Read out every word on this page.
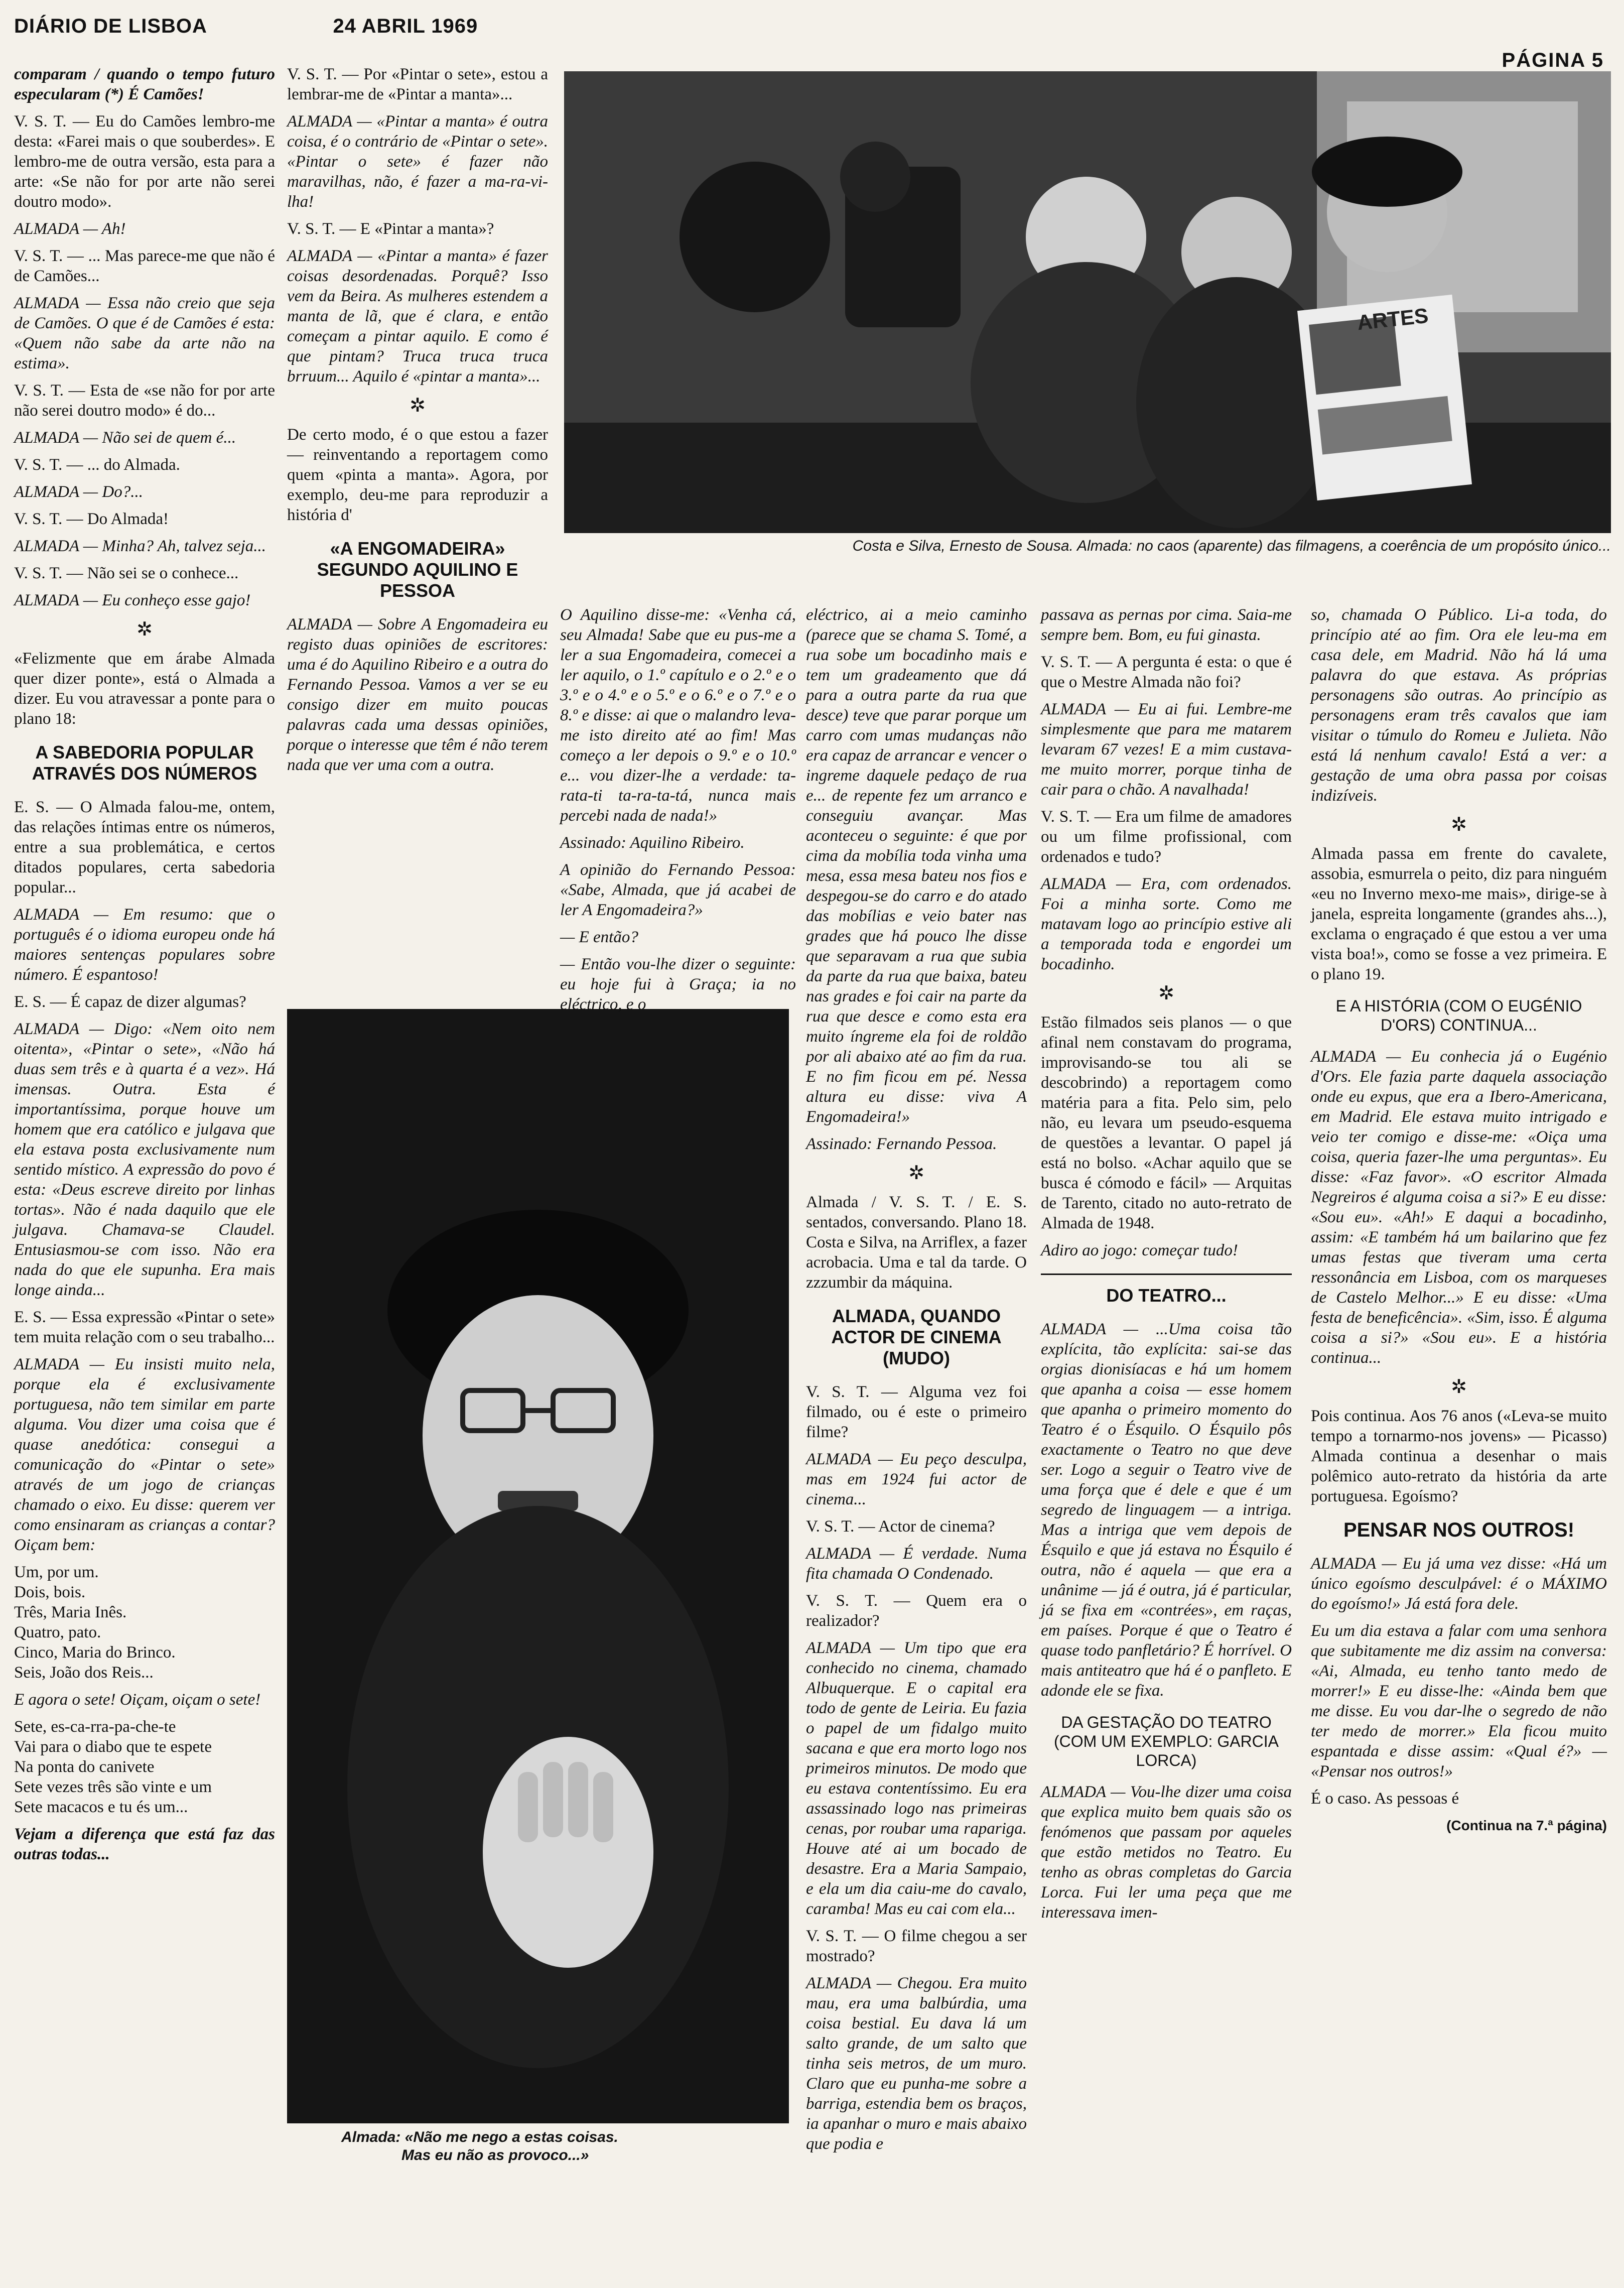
DIÁRIO DE LISBOA	24 ABRIL 1969
PÁGINA 5
ARTES
Costa e Silva, Ernesto de Sousa. Almada: no caos (aparente) das filmagens, a coerência de um propósito único...
Almada: «Não me nego a estas coisas.
Mas eu não as provoco...»

comparam / quando o tempo futuro especularam (*) É Camões!

V. S. T. — Eu do Camões lembro-me desta: «Farei mais o que souberdes». E lembro-me de outra versão, esta para a arte: «Se não for por arte não serei doutro modo».

ALMADA — Ah!

V. S. T. — ... Mas parece-me que não é de Camões...

ALMADA — Essa não creio que seja de Camões. O que é de Camões é esta: «Quem não sabe da arte não na estima».

V. S. T. — Esta de «se não for por arte não serei doutro modo» é do...

ALMADA — Não sei de quem é...

V. S. T. — ... do Almada.

ALMADA — Do?...

V. S. T. — Do Almada!

ALMADA — Minha? Ah, talvez seja...

V. S. T. — Não sei se o conhece...

ALMADA — Eu conheço esse gajo!

✲

«Felizmente que em árabe Almada quer dizer ponte», está o Almada a dizer. Eu vou atravessar a ponte para o plano 18:

A SABEDORIA POPULAR ATRAVÉS DOS NÚMEROS

E. S. — O Almada falou-me, ontem, das relações íntimas entre os números, entre a sua problemática, e certos ditados populares, certa sabedoria popular...

ALMADA — Em resumo: que o português é o idioma europeu onde há maiores sentenças populares sobre número. É espantoso!

E. S. — É capaz de dizer algumas?

ALMADA — Digo: «Nem oito nem oitenta», «Pintar o sete», «Não há duas sem três e à quarta é a vez». Há imensas. Outra. Esta é importantíssima, porque houve um homem que era católico e julgava que ela estava posta exclusivamente num sentido místico. A expressão do povo é esta: «Deus escreve direito por linhas tortas». Não é nada daquilo que ele julgava. Chamava-se Claudel. Entusiasmou-se com isso. Não era nada do que ele supunha. Era mais longe ainda...

E. S. — Essa expressão «Pintar o sete» tem muita relação com o seu trabalho...

ALMADA — Eu insisti muito nela, porque ela é exclusivamente portuguesa, não tem similar em parte alguma. Vou dizer uma coisa que é quase anedótica: consegui a comunicação do «Pintar o sete» através de um jogo de crianças chamado o eixo. Eu disse: querem ver como ensinaram as crianças a contar? Oiçam bem:

Um, por um.

Dois, bois.

Três, Maria Inês.

Quatro, pato.

Cinco, Maria do Brinco.

Seis, João dos Reis...

E agora o sete! Oiçam, oiçam o sete!

Sete, es-ca-rra-pa-che-te

Vai para o diabo que te espete

Na ponta do canivete

Sete vezes três são vinte e um

Sete macacos e tu és um...

Vejam a diferença que está faz das outras todas...

V. S. T. — Por «Pintar o sete», estou a lembrar-me de «Pintar a manta»...

ALMADA — «Pintar a manta» é outra coisa, é o contrário de «Pintar o sete». «Pintar o sete» é fazer não maravilhas, não, é fazer a ma-ra-vi-lha!

V. S. T. — E «Pintar a manta»?

ALMADA — «Pintar a manta» é fazer coisas desordenadas. Porquê? Isso vem da Beira. As mulheres estendem a manta de lã, que é clara, e então começam a pintar aquilo. E como é que pintam? Truca truca truca brruum... Aquilo é «pintar a manta»...

✲

De certo modo, é o que estou a fazer — reinventando a reportagem como quem «pinta a manta». Agora, por exemplo, deu-me para reproduzir a história d'

«A ENGOMADEIRA» SEGUNDO AQUILINO E PESSOA

ALMADA — Sobre A Engomadeira eu registo duas opiniões de escritores: uma é do Aquilino Ribeiro e a outra do Fernando Pessoa. Vamos a ver se eu consigo dizer em muito poucas palavras cada uma dessas opiniões, porque o interesse que têm é não terem nada que ver uma com a outra.

O Aquilino disse-me: «Venha cá, seu Almada! Sabe que eu pus-me a ler a sua Engomadeira, comecei a ler aquilo, o 1.º capítulo e o 2.º e o 3.º e o 4.º e o 5.º e o 6.º e o 7.º e o 8.º e disse: ai que o malandro leva-me isto direito até ao fim! Mas começo a ler depois o 9.º e o 10.º e... vou dizer-lhe a verdade: ta-rata-ti ta-ra-ta-tá, nunca mais percebi nada de nada!»

Assinado: Aquilino Ribeiro.

A opinião do Fernando Pessoa: «Sabe, Almada, que já acabei de ler A Engomadeira?»

— E então?

— Então vou-lhe dizer o seguinte: eu hoje fui à Graça; ia no eléctrico, e o

eléctrico, ai a meio caminho (parece que se chama S. Tomé, a rua sobe um bocadinho mais e tem um gradeamento que dá para a outra parte da rua que desce) teve que parar porque um carro com umas mudanças não era capaz de arrancar e vencer o ingreme daquele pedaço de rua e... de repente fez um arranco e conseguiu avançar. Mas aconteceu o seguinte: é que por cima da mobília toda vinha uma mesa, essa mesa bateu nos fios e despegou-se do carro e do atado das mobílias e veio bater nas grades que há pouco lhe disse que separavam a rua que subia da parte da rua que baixa, bateu nas grades e foi cair na parte da rua que desce e como esta era muito íngreme ela foi de roldão por ali abaixo até ao fim da rua. E no fim ficou em pé. Nessa altura eu disse: viva A Engomadeira!»

Assinado: Fernando Pessoa.

✲

Almada / V. S. T. / E. S. sentados, conversando. Plano 18. Costa e Silva, na Arriflex, a fazer acrobacia. Uma e tal da tarde. O zzzumbir da máquina.

ALMADA, QUANDO ACTOR DE CINEMA (MUDO)

V. S. T. — Alguma vez foi filmado, ou é este o primeiro filme?

ALMADA — Eu peço desculpa, mas em 1924 fui actor de cinema...

V. S. T. — Actor de cinema?

ALMADA — É verdade. Numa fita chamada O Condenado.

V. S. T. — Quem era o realizador?

ALMADA — Um tipo que era conhecido no cinema, chamado Albuquerque. E o capital era todo de gente de Leiria. Eu fazia o papel de um fidalgo muito sacana e que era morto logo nos primeiros minutos. De modo que eu estava contentíssimo. Eu era assassinado logo nas primeiras cenas, por roubar uma rapariga. Houve até ai um bocado de desastre. Era a Maria Sampaio, e ela um dia caiu-me do cavalo, caramba! Mas eu cai com ela...

V. S. T. — O filme chegou a ser mostrado?

ALMADA — Chegou. Era muito mau, era uma balbúrdia, uma coisa bestial. Eu dava lá um salto grande, de um salto que tinha seis metros, de um muro. Claro que eu punha-me sobre a barriga, estendia bem os braços, ia apanhar o muro e mais abaixo que podia e

passava as pernas por cima. Saia-me sempre bem. Bom, eu fui ginasta.

V. S. T. — A pergunta é esta: o que é que o Mestre Almada não foi?

ALMADA — Eu ai fui. Lembre-me simplesmente que para me matarem levaram 67 vezes! E a mim custava-me muito morrer, porque tinha de cair para o chão. A navalhada!

V. S. T. — Era um filme de amadores ou um filme profissional, com ordenados e tudo?

ALMADA — Era, com ordenados. Foi a minha sorte. Como me matavam logo ao princípio estive ali a temporada toda e engordei um bocadinho.

✲

Estão filmados seis planos — o que afinal nem constavam do programa, improvisando-se tou ali se descobrindo) a reportagem como matéria para a fita. Pelo sim, pelo não, eu levara um pseudo-esquema de questões a levantar. O papel já está no bolso. «Achar aquilo que se busca é cómodo e fácil» — Arquitas de Tarento, citado no auto-retrato de Almada de 1948.

Adiro ao jogo: começar tudo!

DO TEATRO...

ALMADA — ...Uma coisa tão explícita, tão explícita: sai-se das orgias dionisíacas e há um homem que apanha a coisa — esse homem que apanha o primeiro momento do Teatro é o Ésquilo. O Ésquilo pôs exactamente o Teatro no que deve ser. Logo a seguir o Teatro vive de uma força que é dele e que é um segredo de linguagem — a intriga. Mas a intriga que vem depois de Ésquilo e que já estava no Ésquilo é outra, não é aquela — que era a unânime — já é outra, já é particular, já se fixa em «contrées», em raças, em países. Porque é que o Teatro é quase todo panfletário? É horrível. O mais antiteatro que há é o panfleto. E adonde ele se fixa.

DA GESTAÇÃO DO TEATRO (COM UM EXEMPLO: GARCIA LORCA)

ALMADA — Vou-lhe dizer uma coisa que explica muito bem quais são os fenómenos que passam por aqueles que estão metidos no Teatro. Eu tenho as obras completas do Garcia Lorca. Fui ler uma peça que me interessava imen-

so, chamada O Público. Li-a toda, do princípio até ao fim. Ora ele leu-ma em casa dele, em Madrid. Não há lá uma palavra do que estava. As próprias personagens são outras. Ao princípio as personagens eram três cavalos que iam visitar o túmulo do Romeu e Julieta. Não está lá nenhum cavalo! Está a ver: a gestação de uma obra passa por coisas indizíveis.

✲

Almada passa em frente do cavalete, assobia, esmurrela o peito, diz para ninguém «eu no Inverno mexo-me mais», dirige-se à janela, espreita longamente (grandes ahs...), exclama o engraçado é que estou a ver uma vista boa!», como se fosse a vez primeira. E o plano 19.

E A HISTÓRIA (COM O EUGÉNIO D'ORS) CONTINUA...

ALMADA — Eu conhecia já o Eugénio d'Ors. Ele fazia parte daquela associação onde eu expus, que era a Ibero-Americana, em Madrid. Ele estava muito intrigado e veio ter comigo e disse-me: «Oiça uma coisa, queria fazer-lhe uma perguntas». Eu disse: «Faz favor». «O escritor Almada Negreiros é alguma coisa a si?» E eu disse: «Sou eu». «Ah!» E daqui a bocadinho, assim: «E também há um bailarino que fez umas festas que tiveram uma certa ressonância em Lisboa, com os marqueses de Castelo Melhor...» E eu disse: «Uma festa de beneficência». «Sim, isso. É alguma coisa a si?» «Sou eu». E a história continua...

✲

Pois continua. Aos 76 anos («Leva-se muito tempo a tornarmo-nos jovens» — Picasso) Almada continua a desenhar o mais polêmico auto-retrato da história da arte portuguesa. Egoísmo?

PENSAR NOS OUTROS!

ALMADA — Eu já uma vez disse: «Há um único egoísmo desculpável: é o MÁXIMO do egoísmo!» Já está fora dele.

Eu um dia estava a falar com uma senhora que subitamente me diz assim na conversa: «Ai, Almada, eu tenho tanto medo de morrer!» E eu disse-lhe: «Ainda bem que me disse. Eu vou dar-lhe o segredo de não ter medo de morrer.» Ela ficou muito espantada e disse assim: «Qual é?» — «Pensar nos outros!»

É o caso. As pessoas é

(Continua na 7.ª página)
